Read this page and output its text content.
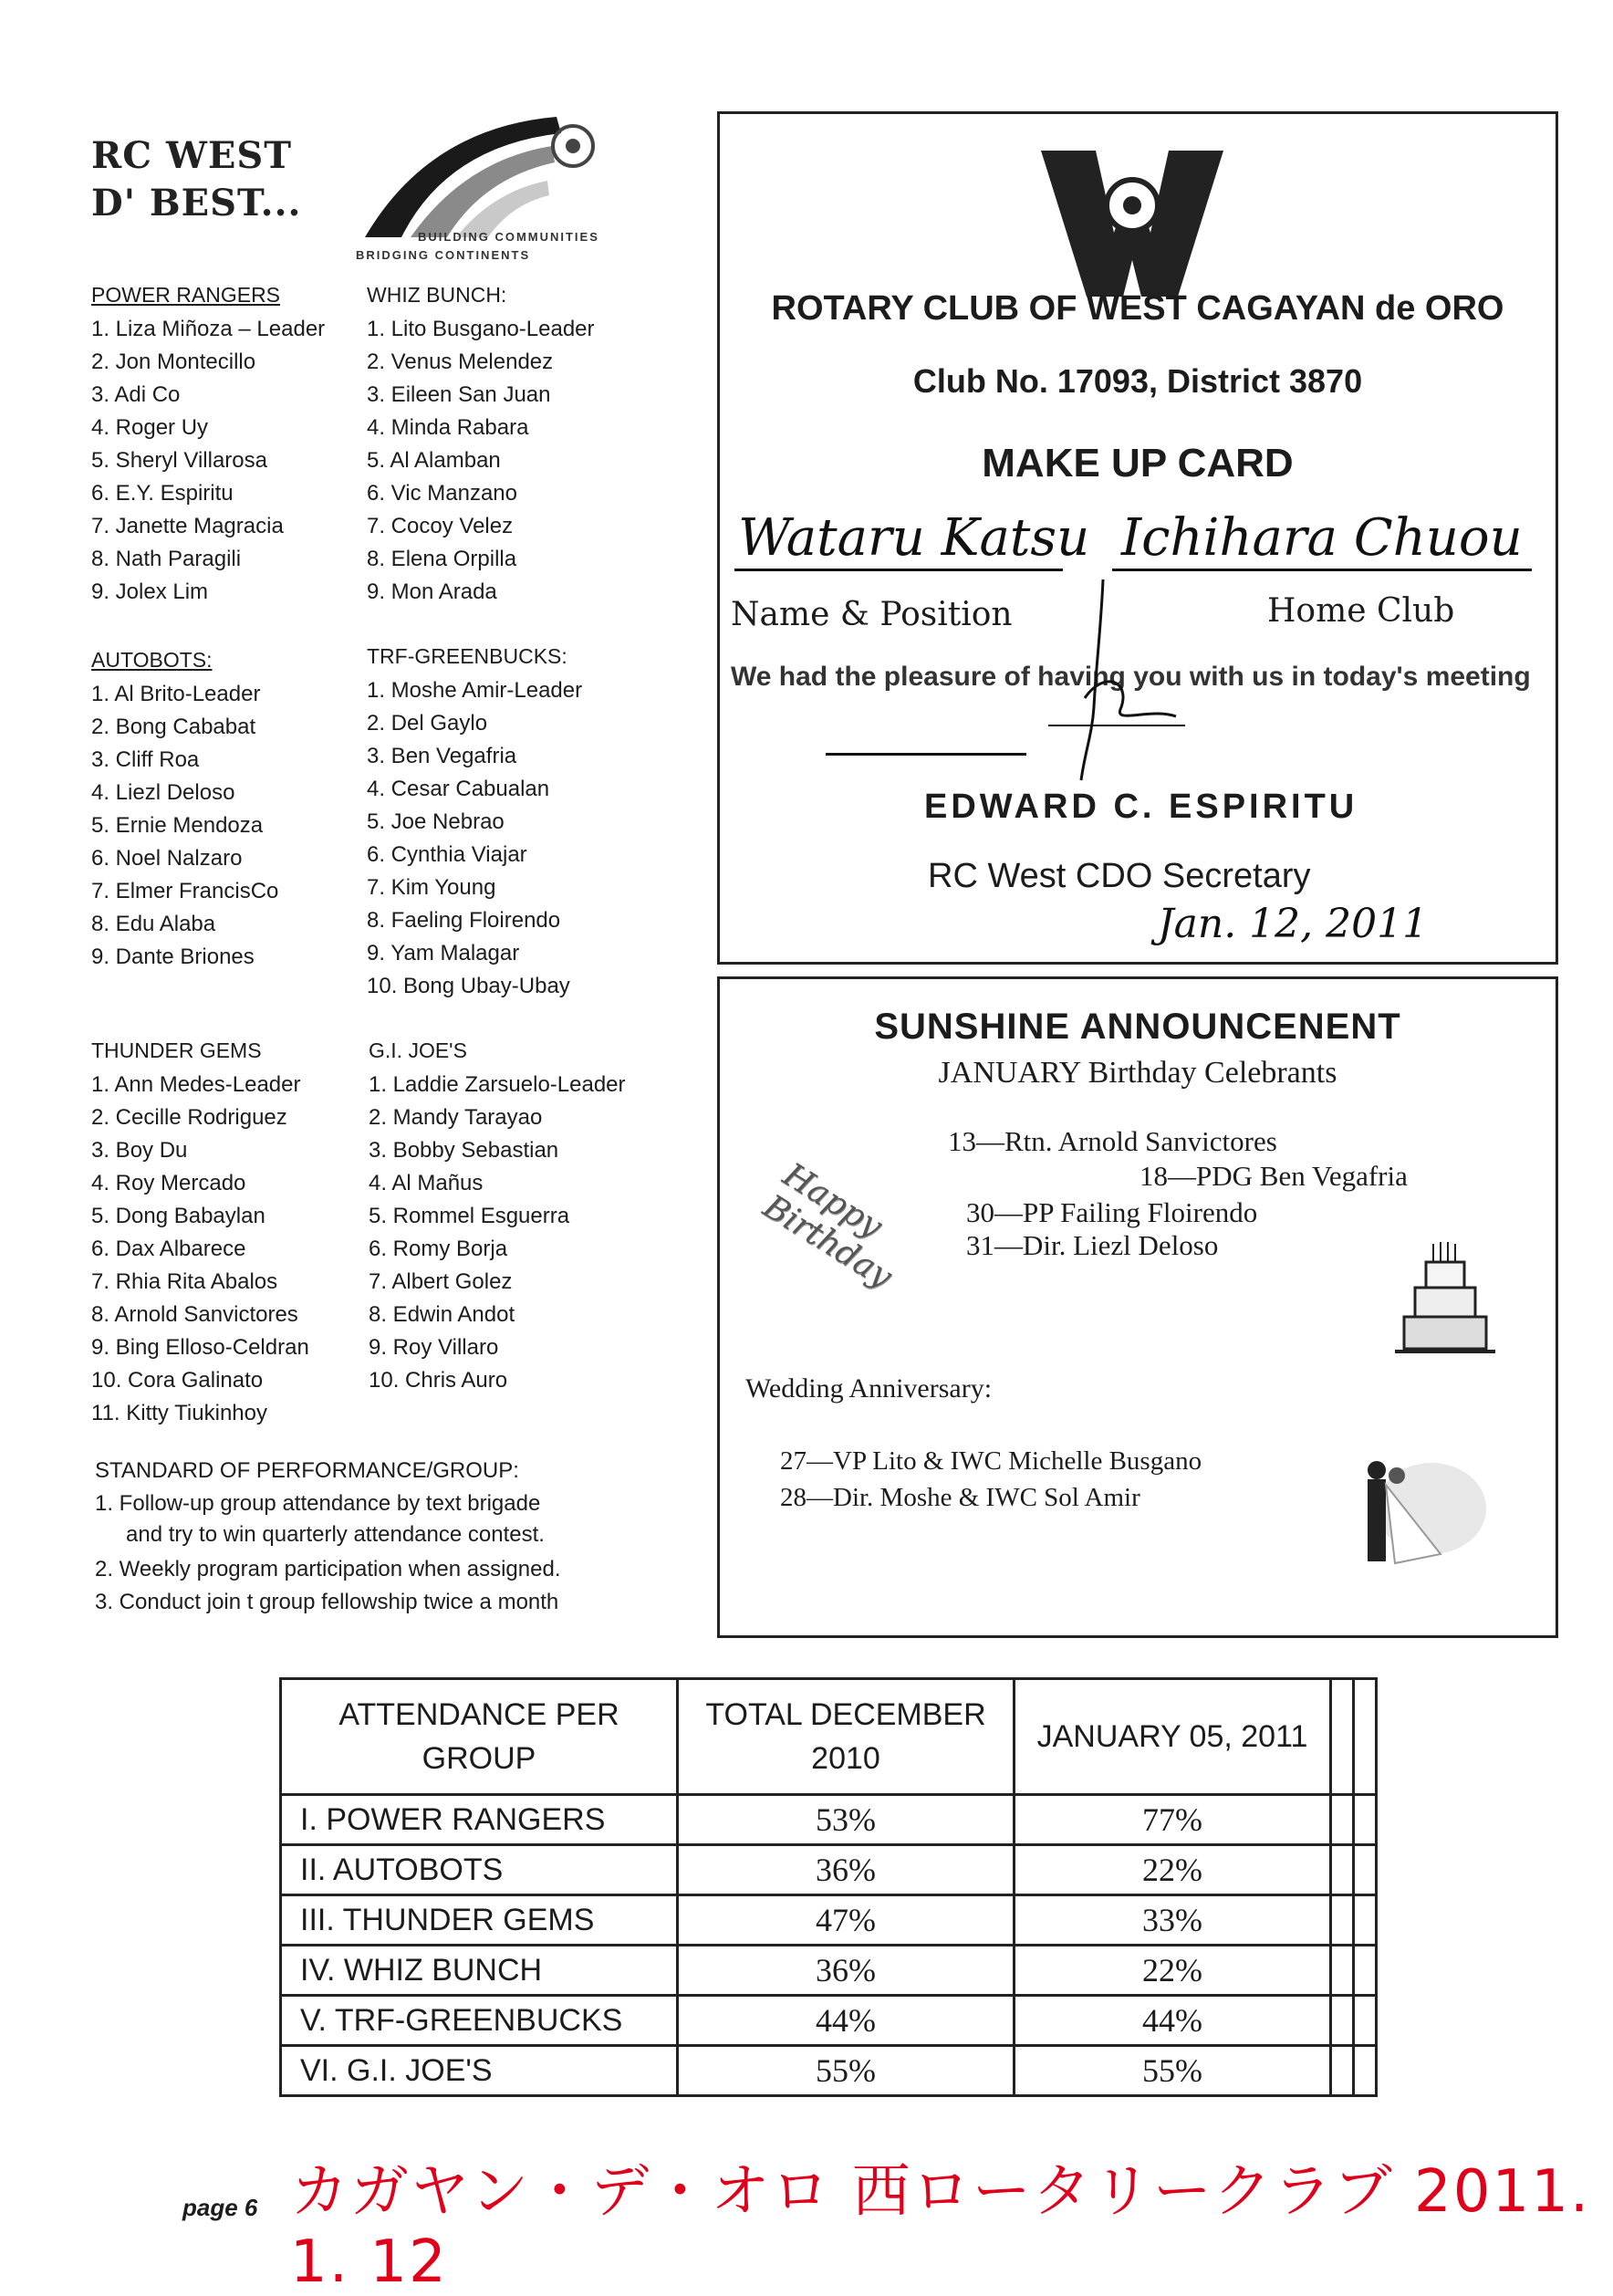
RC WEST
D' BEST...
BUILDING COMMUNITIES
BRIDGING CONTINENTS
POWER RANGERS
1. Liza Miñoza – Leader
2. Jon Montecillo
3. Adi Co
4. Roger Uy
5. Sheryl Villarosa
6. E.Y. Espiritu
7. Janette Magracia
8. Nath Paragili
9. Jolex Lim
WHIZ BUNCH:
1. Lito Busgano-Leader
2. Venus Melendez
3. Eileen San Juan
4. Minda Rabara
5. Al Alamban
6. Vic Manzano
7. Cocoy Velez
8. Elena Orpilla
9. Mon Arada
AUTOBOTS:
1. Al Brito-Leader
2. Bong Cababat
3. Cliff Roa
4. Liezl Deloso
5. Ernie Mendoza
6. Noel Nalzaro
7. Elmer FrancisCo
8. Edu Alaba
9. Dante Briones
TRF-GREENBUCKS:
1. Moshe Amir-Leader
2. Del Gaylo
3. Ben Vegafria
4. Cesar Cabualan
5. Joe Nebrao
6. Cynthia Viajar
7. Kim Young
8. Faeling Floirendo
9. Yam Malagar
10. Bong Ubay-Ubay
THUNDER GEMS
1. Ann Medes-Leader
2. Cecille Rodriguez
3. Boy Du
4. Roy Mercado
5. Dong Babaylan
6. Dax Albarece
7. Rhia Rita Abalos
8. Arnold Sanvictores
9. Bing Elloso-Celdran
10. Cora Galinato
11. Kitty Tiukinhoy
G.I. JOE'S
1. Laddie Zarsuelo-Leader
2. Mandy Tarayao
3. Bobby Sebastian
4. Al Mañus
5. Rommel Esguerra
6. Romy Borja
7. Albert Golez
8. Edwin Andot
9. Roy Villaro
10. Chris Auro
STANDARD OF PERFORMANCE/GROUP:
1. Follow-up group attendance by text brigade
and try to win quarterly attendance contest.
2. Weekly program participation when assigned.
3. Conduct join t group fellowship twice a month
ROTARY CLUB OF WEST CAGAYAN de ORO
Club No. 17093, District 3870
MAKE UP CARD
Wataru Katsu Ichihara Chuou
Name & Position	Home Club
We had the pleasure of having you with us in today's meeting
EDWARD C. ESPIRITU
RC West CDO Secretary
Jan. 12, 2011
SUNSHINE ANNOUNCENENT
JANUARY Birthday Celebrants
13—Rtn. Arnold Sanvictores
18—PDG Ben Vegafria
30—PP Failing Floirendo
31—Dir. Liezl Deloso
Happy Birthday
Wedding Anniversary:
27—VP Lito & IWC Michelle Busgano
28—Dir. Moshe & IWC Sol Amir
ATTENDANCE PER GROUP	TOTAL DECEMBER 2010	JANUARY 05, 2011		
I. POWER RANGERS	53%	77%		
II. AUTOBOTS	36%	22%		
III. THUNDER GEMS	47%	33%		
IV. WHIZ BUNCH	36%	22%		
V. TRF-GREENBUCKS	44%	44%		
VI. G.I. JOE'S	55%	55%		
page 6 カガヤン・デ・オロ 西ロータリークラブ 2011. 1. 12
